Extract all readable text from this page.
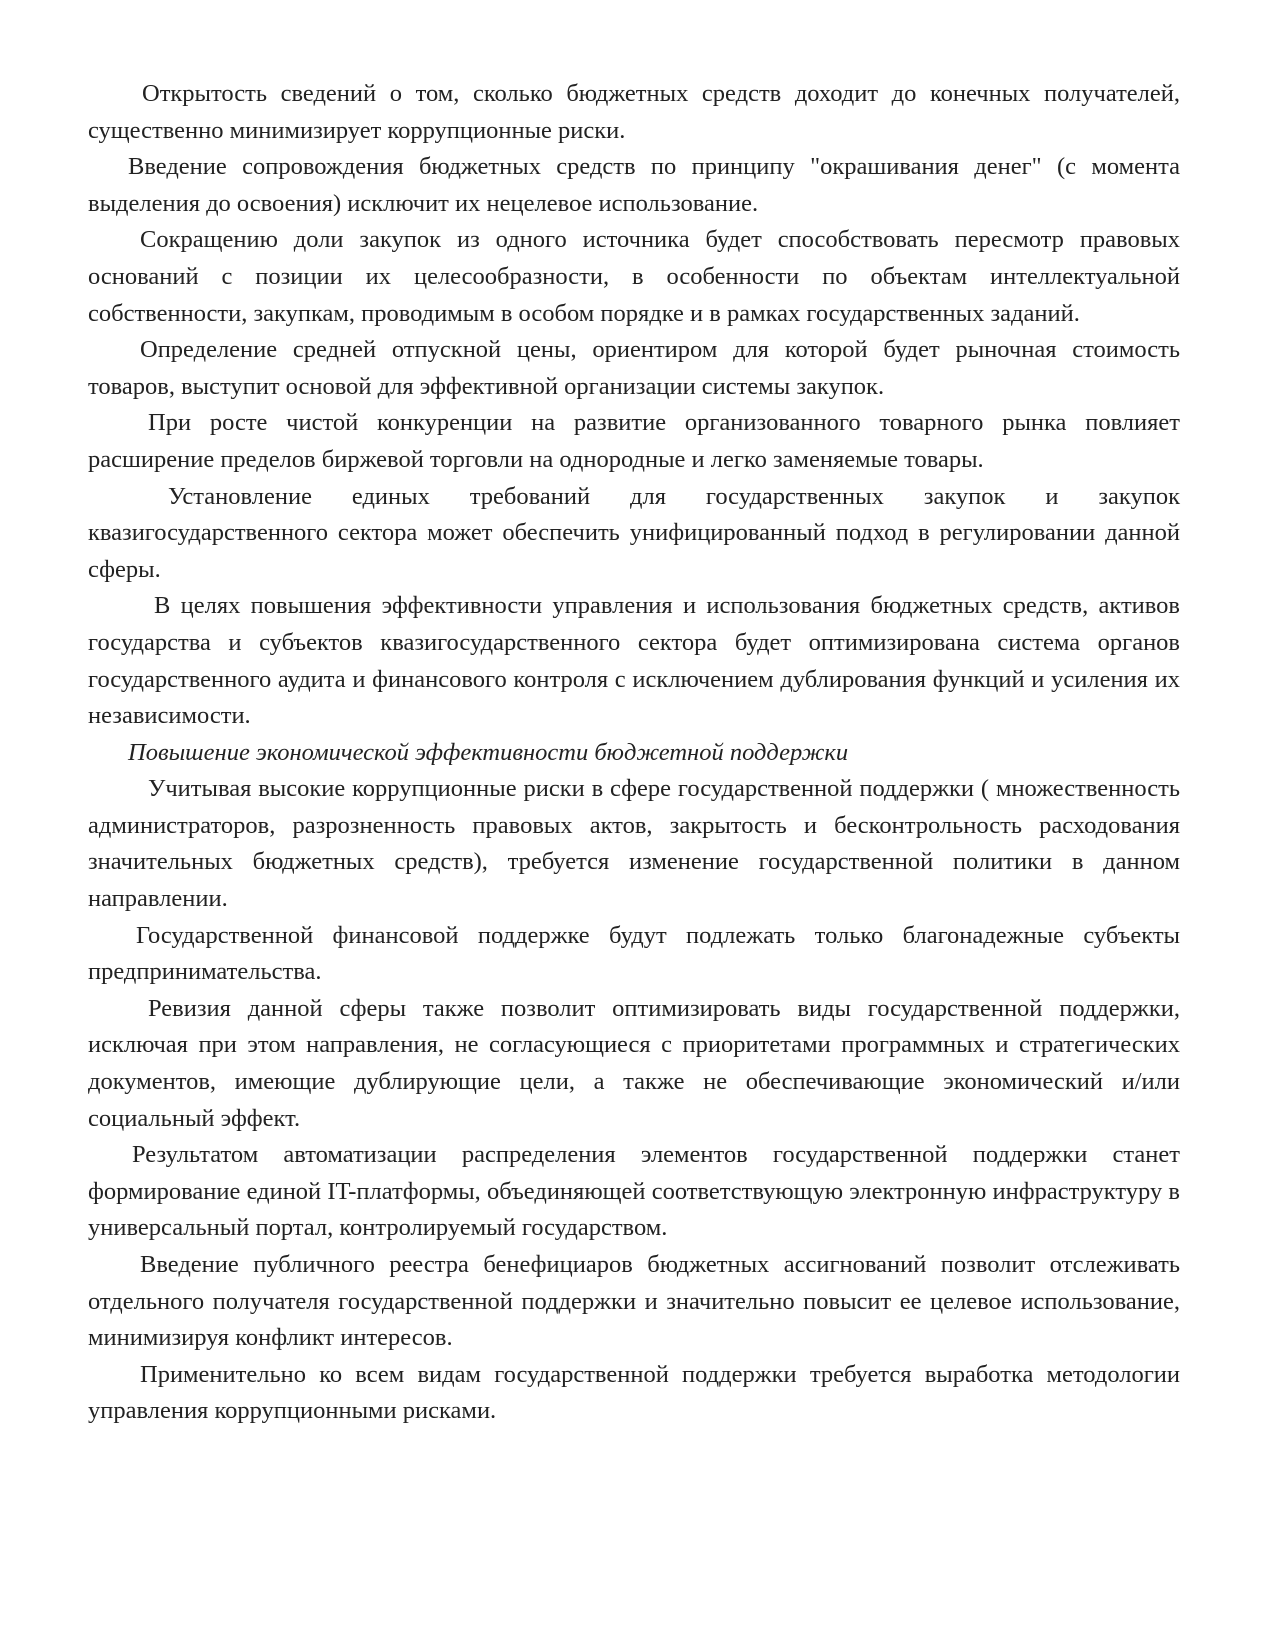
Открытость сведений о том, сколько бюджетных средств доходит до конечных получателей, существенно минимизирует коррупционные риски.

Введение сопровождения бюджетных средств по принципу "окрашивания денег" (с момента выделения до освоения) исключит их нецелевое использование.

Сокращению доли закупок из одного источника будет способствовать пересмотр правовых оснований с позиции их целесообразности, в особенности по объектам интеллектуальной собственности, закупкам, проводимым в особом порядке и в рамках государственных заданий.

Определение средней отпускной цены, ориентиром для которой будет рыночная стоимость товаров, выступит основой для эффективной организации системы закупок.

При росте чистой конкуренции на развитие организованного товарного рынка повлияет расширение пределов биржевой торговли на однородные и легко заменяемые товары.

Установление единых требований для государственных закупок и закупок квазигосударственного сектора может обеспечить унифицированный подход в регулировании данной сферы.

В целях повышения эффективности управления и использования бюджетных средств, активов государства и субъектов квазигосударственного сектора будет оптимизирована система органов государственного аудита и финансового контроля с исключением дублирования функций и усиления их независимости.

Повышение экономической эффективности бюджетной поддержки

Учитывая высокие коррупционные риски в сфере государственной поддержки ( множественность администраторов, разрозненность правовых актов, закрытость и бесконтрольность расходования значительных бюджетных средств), требуется изменение государственной политики в данном направлении.

Государственной финансовой поддержке будут подлежать только благонадежные субъекты предпринимательства.

Ревизия данной сферы также позволит оптимизировать виды государственной поддержки, исключая при этом направления, не согласующиеся с приоритетами программных и стратегических документов, имеющие дублирующие цели, а также не обеспечивающие экономический и/или социальный эффект.

Результатом автоматизации распределения элементов государственной поддержки станет формирование единой IT-платформы, объединяющей соответствующую электронную инфраструктуру в универсальный портал, контролируемый государством.

Введение публичного реестра бенефициаров бюджетных ассигнований позволит отслеживать отдельного получателя государственной поддержки и значительно повысит ее целевое использование, минимизируя конфликт интересов.

Применительно ко всем видам государственной поддержки требуется выработка методологии управления коррупционными рисками.
